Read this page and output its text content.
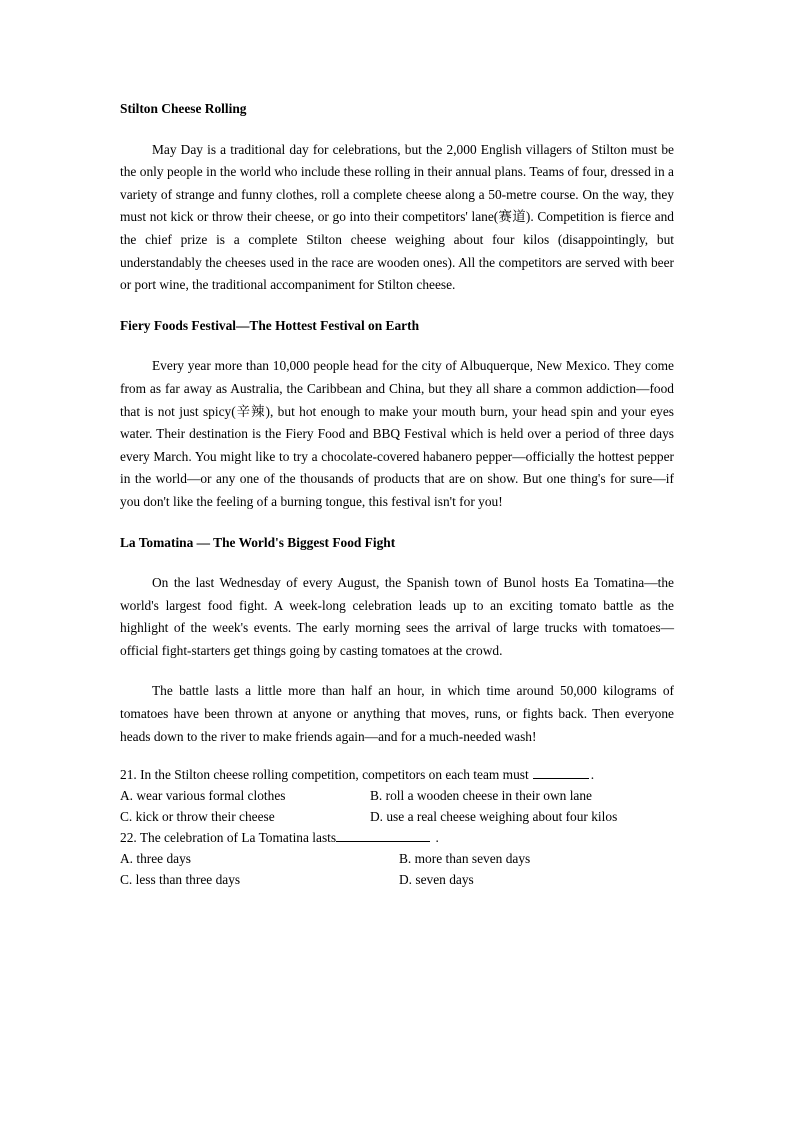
Stilton Cheese Rolling

May Day is a traditional day for celebrations, but the 2,000 English villagers of Stilton must be the only people in the world who include these rolling in their annual plans. Teams of four, dressed in a variety of strange and funny clothes, roll a complete cheese along a 50-metre course. On the way, they must not kick or throw their cheese, or go into their competitors' lane(赛道). Competition is fierce and the chief prize is a complete Stilton cheese weighing about four kilos (disappointingly, but understandably the cheeses used in the race are wooden ones). All the competitors are served with beer or port wine, the traditional accompaniment for Stilton cheese.

Fiery Foods Festival—The Hottest Festival on Earth

Every year more than 10,000 people head for the city of Albuquerque, New Mexico. They come from as far away as Australia, the Caribbean and China, but they all share a common addiction—food that is not just spicy(辛辣), but hot enough to make your mouth burn, your head spin and your eyes water. Their destination is the Fiery Food and BBQ Festival which is held over a period of three days every March. You might like to try a chocolate-covered habanero pepper—officially the hottest pepper in the world—or any one of the thousands of products that are on show. But one thing's for sure—if you don't like the feeling of a burning tongue, this festival isn't for you!

La Tomatina — The World's Biggest Food Fight

On the last Wednesday of every August, the Spanish town of Bunol hosts Ea Tomatina—the world's largest food fight. A week-long celebration leads up to an exciting tomato battle as the highlight of the week's events. The early morning sees the arrival of large trucks with tomatoes—official fight-starters get things going by casting tomatoes at the crowd.

The battle lasts a little more than half an hour, in which time around 50,000 kilograms of tomatoes have been thrown at anyone or anything that moves, runs, or fights back. Then everyone heads down to the river to make friends again—and for a much-needed wash!

21. In the Stilton cheese rolling competition, competitors on each team must	.
A. wear various formal clothes	B. roll a wooden cheese in their own lane
C. kick or throw their cheese	D. use a real cheese weighing about four kilos
22. The celebration of La Tomatina lasts	.
A. three days	B. more than seven days
C. less than three days	D. seven days
